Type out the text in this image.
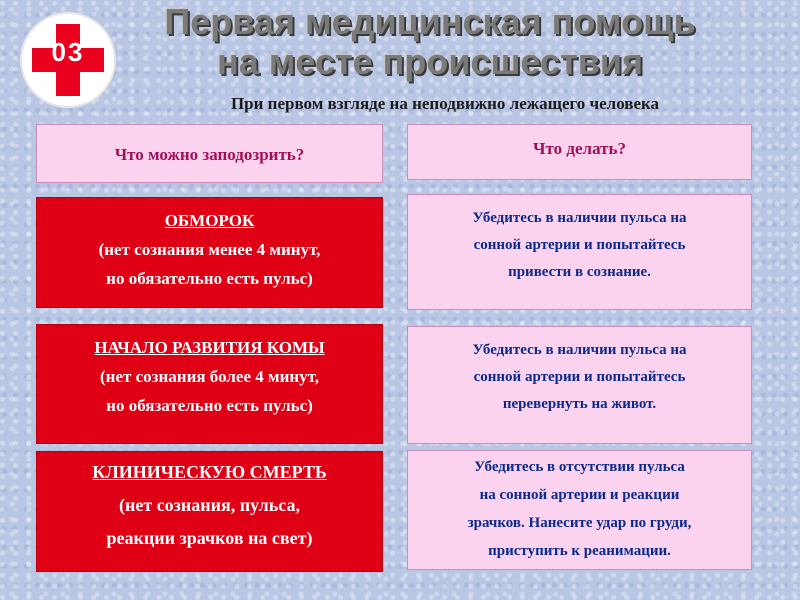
03
Первая медицинская помощь
на месте происшествия
При первом взгляде на неподвижно лежащего человека
Что можно заподозрить?	Что делать?
ОБМОРОК
(нет сознания менее 4 минут,
но обязательно есть пульс)
Убедитесь в наличии пульса на
сонной артерии и попытайтесь
привести в сознание.
НАЧАЛО РАЗВИТИЯ КОМЫ
(нет сознания более 4 минут,
но обязательно есть пульс)
Убедитесь в наличии пульса на
сонной артерии и попытайтесь
перевернуть на живот.
КЛИНИЧЕСКУЮ СМЕРТЬ
(нет сознания, пульса,
реакции зрачков на свет)
Убедитесь в отсутствии пульса
на сонной артерии и реакции
зрачков. Нанесите удар по груди,
приступить к реанимации.
